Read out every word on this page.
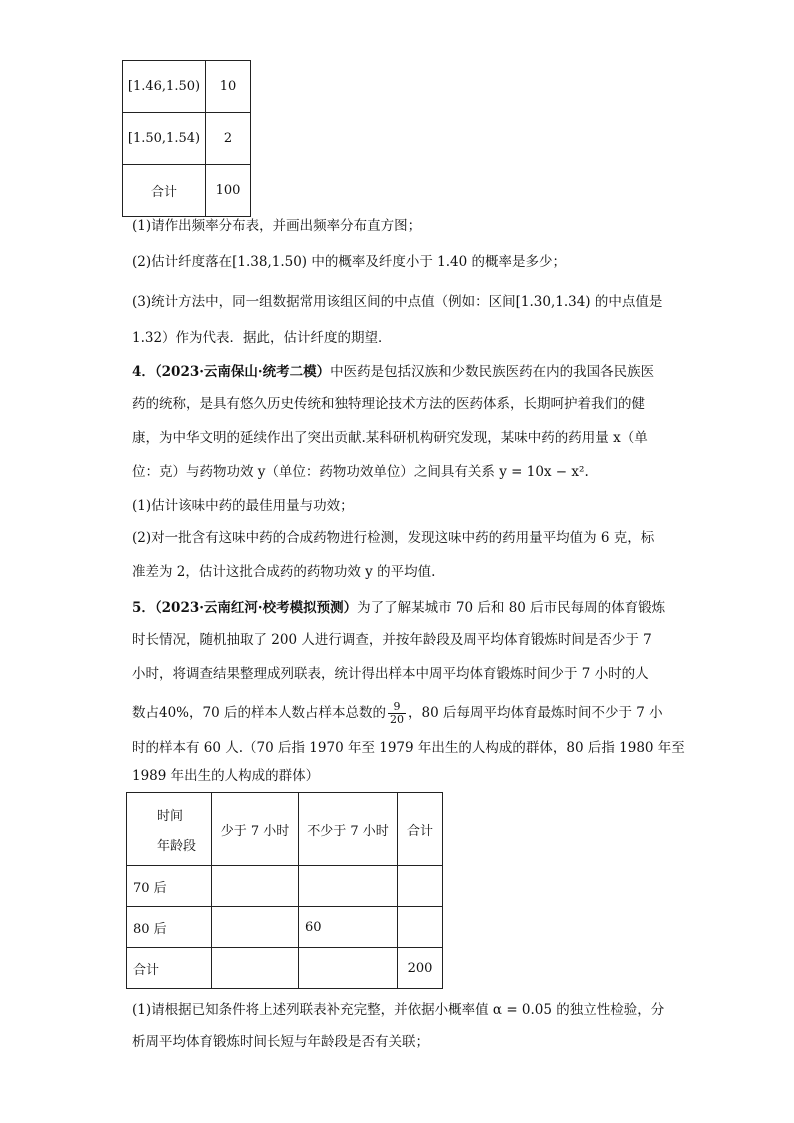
[1.46,1.50)	10
[1.50,1.54)	2
合计	100
(1)请作出频率分布表，并画出频率分布直方图；
(2)估计纤度落在[1.38,1.50) 中的概率及纤度小于 1.40 的概率是多少；
(3)统计方法中，同一组数据常用该组区间的中点值（例如：区间[1.30,1.34) 的中点值是
1.32）作为代表．据此，估计纤度的期望．
4．（2023·云南保山·统考二模）中医药是包括汉族和少数民族医药在内的我国各民族医
药的统称，是具有悠久历史传统和独特理论技术方法的医药体系，长期呵护着我们的健
康，为中华文明的延续作出了突出贡献.某科研机构研究发现，某味中药的药用量 x（单
位：克）与药物功效 y（单位：药物功效单位）之间具有关系 y = 10x − x².
(1)估计该味中药的最佳用量与功效；
(2)对一批含有这味中药的合成药物进行检测，发现这味中药的药用量平均值为 6 克，标
准差为 2，估计这批合成药的药物功效 y 的平均值.
5．（2023·云南红河·校考模拟预测）为了了解某城市 70 后和 80 后市民每周的体育锻炼
时长情况，随机抽取了 200 人进行调查，并按年龄段及周平均体育锻炼时间是否少于 7
小时，将调查结果整理成列联表，统计得出样本中周平均体育锻炼时间少于 7 小时的人
数占40%，70 后的样本人数占样本总数的 $\frac{9}{20}$ ，80 后每周平均体育最炼时间不少于 7 小
时的样本有 60 人.（70 后指 1970 年至 1979 年出生的人构成的群体，80 后指 1980 年至
1989 年出生的人构成的群体）
时间
年龄段	少于 7 小时	不少于 7 小时	合计
70 后			
80 后		60	
合计			200
(1)请根据已知条件将上述列联表补充完整，并依据小概率值 α = 0.05 的独立性检验，分
析周平均体育锻炼时间长短与年龄段是否有关联；
